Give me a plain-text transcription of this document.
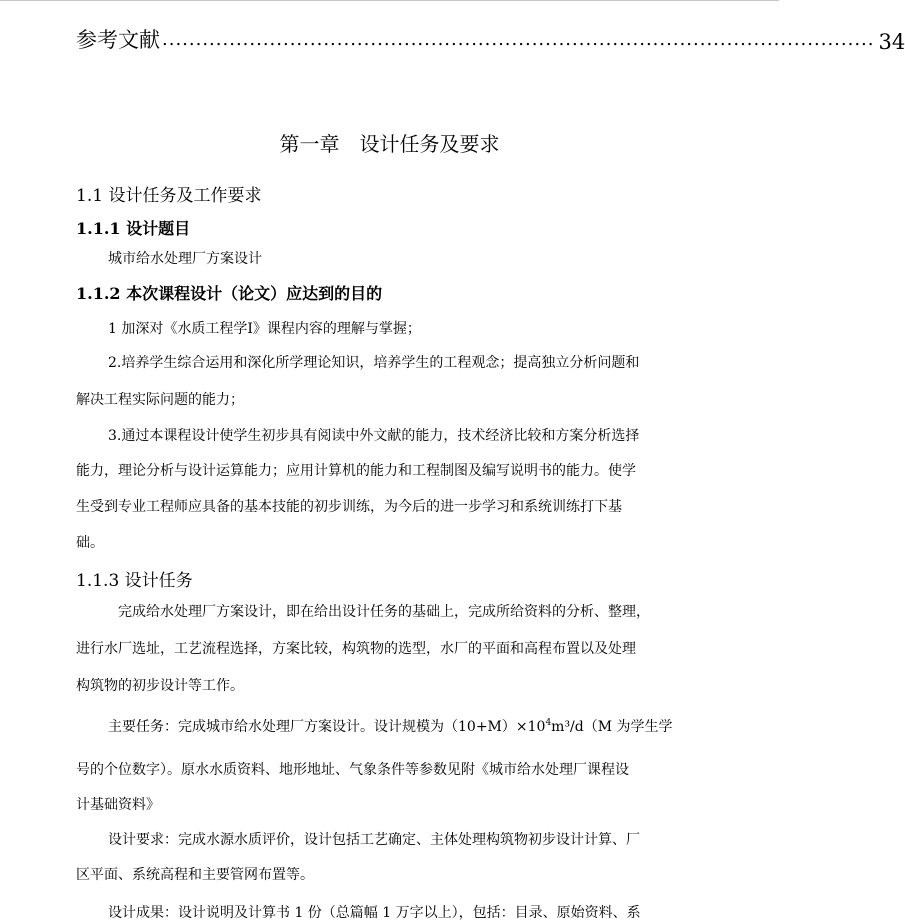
参考文献 .......................................................................................................... 34
第一章　设计任务及要求
1.1 设计任务及工作要求
1.1.1 设计题目
城市给水处理厂方案设计
1.1.2 本次课程设计（论文）应达到的目的
1 加深对《水质工程学Ⅰ》课程内容的理解与掌握；
2.培养学生综合运用和深化所学理论知识，培养学生的工程观念；提高独立分析问题和
解决工程实际问题的能力；
3.通过本课程设计使学生初步具有阅读中外文献的能力，技术经济比较和方案分析选择
能力，理论分析与设计运算能力；应用计算机的能力和工程制图及编写说明书的能力。使学
生受到专业工程师应具备的基本技能的初步训练，为今后的进一步学习和系统训练打下基
础。
1.1.3 设计任务
完成给水处理厂方案设计，即在给出设计任务的基础上，完成所给资料的分析、整理，
进行水厂选址，工艺流程选择，方案比较，构筑物的选型，水厂的平面和高程布置以及处理
构筑物的初步设计等工作。
主要任务：完成城市给水处理厂方案设计。设计规模为$(10+M)\times 10^4m^3/d(M$ 为学生学
号的个位数字）。原水水质资料、地形地址、气象条件等参数见附《城市给水处理厂课程设
计基础资料》
设计要求：完成水源水质评价，设计包括工艺确定、主体处理构筑物初步设计计算、厂
区平面、系统高程和主要管网布置等。
设计成果：设计说明及计算书 1 份（总篇幅 1 万字以上），包括：目录、原始资料、系
